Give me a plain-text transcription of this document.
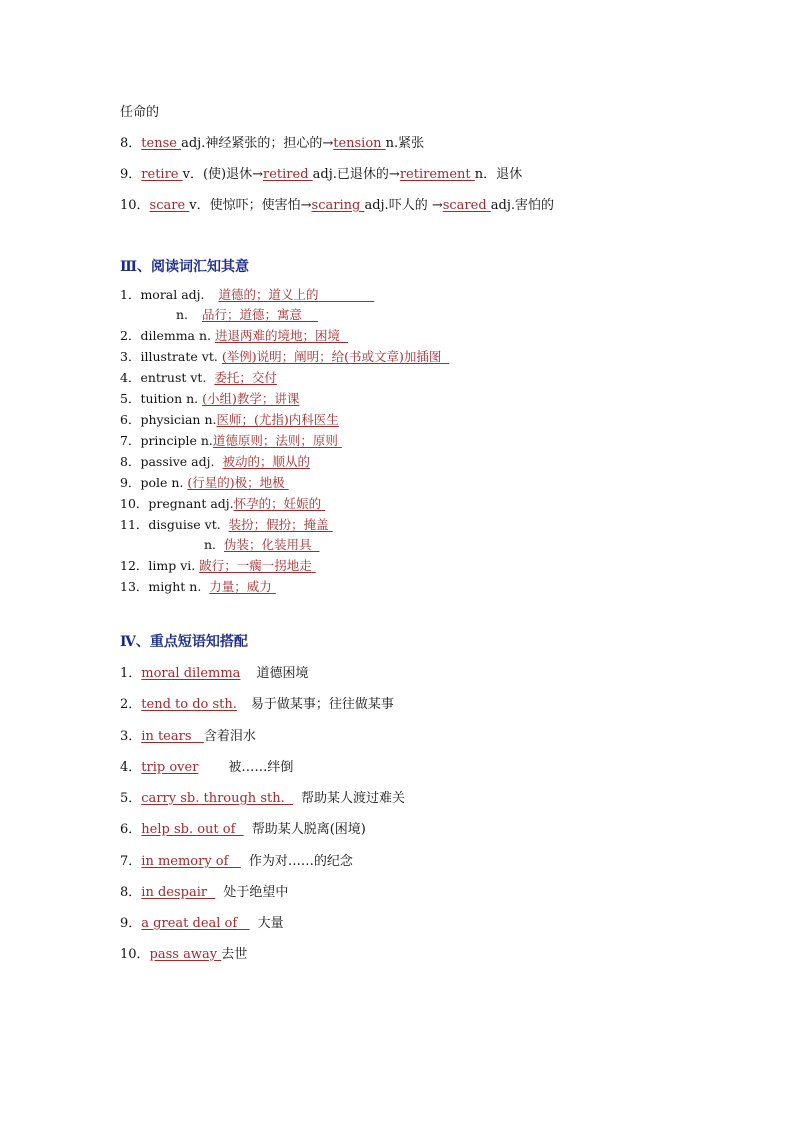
任命的
8．tense adj.神经紧张的；担心的→tension n.紧张
9．retire v．(使)退休→retired adj.已退休的→retirement n．退休
10．scare v．使惊吓；使害怕→scaring adj.吓人的 →scared adj.害怕的
Ⅲ、阅读词汇知其意
1．moral adj. 道德的；道义上的
n. 品行；道德；寓意
2．dilemma n. 进退两难的境地；困境
3．illustrate vt. (举例)说明；阐明；给(书或文章)加插图
4．entrust vt. 委托；交付
5．tuition n. (小组)教学；讲课
6．physician n.医师；(尤指)内科医生
7．principle n.道德原则；法则；原则
8．passive adj. 被动的；顺从的
9．pole n. (行星的)极；地极
10．pregnant adj.怀孕的；妊娠的
11．disguise vt. 装扮；假扮；掩盖
n. 伪装；化装用具
12．limp vi. 跛行；一瘸一拐地走
13．might n. 力量；威力
Ⅳ、重点短语知搭配
1．moral dilemma 道德困境
2．tend to do sth. 易于做某事；往往做某事
3．in tears 含着泪水
4．trip over 被……绊倒
5．carry sb. through sth. 帮助某人渡过难关
6．help sb. out of 帮助某人脱离(困境)
7．in memory of 作为对……的纪念
8．in despair 处于绝望中
9．a great deal of 大量
10．pass away 去世
